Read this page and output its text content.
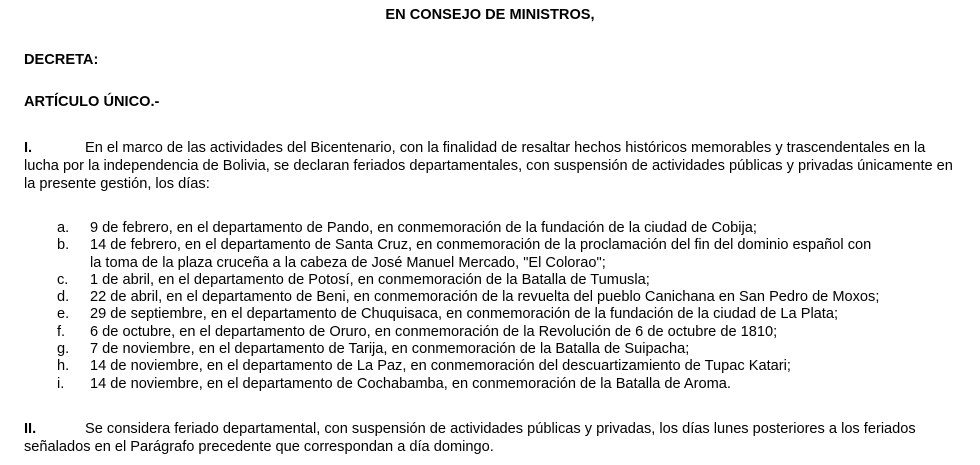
EN CONSEJO DE MINISTROS,
DECRETA:
ARTÍCULO ÚNICO.-
I.	En el marco de las actividades del Bicentenario, con la finalidad de resaltar hechos históricos memorables y trascendentales en la lucha por la independencia de Bolivia, se declaran feriados departamentales, con suspensión de actividades públicas y privadas únicamente en la presente gestión, los días:
a. 9 de febrero, en el departamento de Pando, en conmemoración de la fundación de la ciudad de Cobija;
b. 14 de febrero, en el departamento de Santa Cruz, en conmemoración de la proclamación del fin del dominio español con
la toma de la plaza cruceña a la cabeza de José Manuel Mercado, "El Colorao";
c. 1 de abril, en el departamento de Potosí, en conmemoración de la Batalla de Tumusla;
d. 22 de abril, en el departamento de Beni, en conmemoración de la revuelta del pueblo Canichana en San Pedro de Moxos;
e. 29 de septiembre, en el departamento de Chuquisaca, en conmemoración de la fundación de la ciudad de La Plata;
f. 6 de octubre, en el departamento de Oruro, en conmemoración de la Revolución de 6 de octubre de 1810;
g. 7 de noviembre, en el departamento de Tarija, en conmemoración de la Batalla de Suipacha;
h. 14 de noviembre, en el departamento de La Paz, en conmemoración del descuartizamiento de Tupac Katari;
i. 14 de noviembre, en el departamento de Cochabamba, en conmemoración de la Batalla de Aroma.
II.	Se considera feriado departamental, con suspensión de actividades públicas y privadas, los días lunes posteriores a los feriados señalados en el Parágrafo precedente que correspondan a día domingo.
